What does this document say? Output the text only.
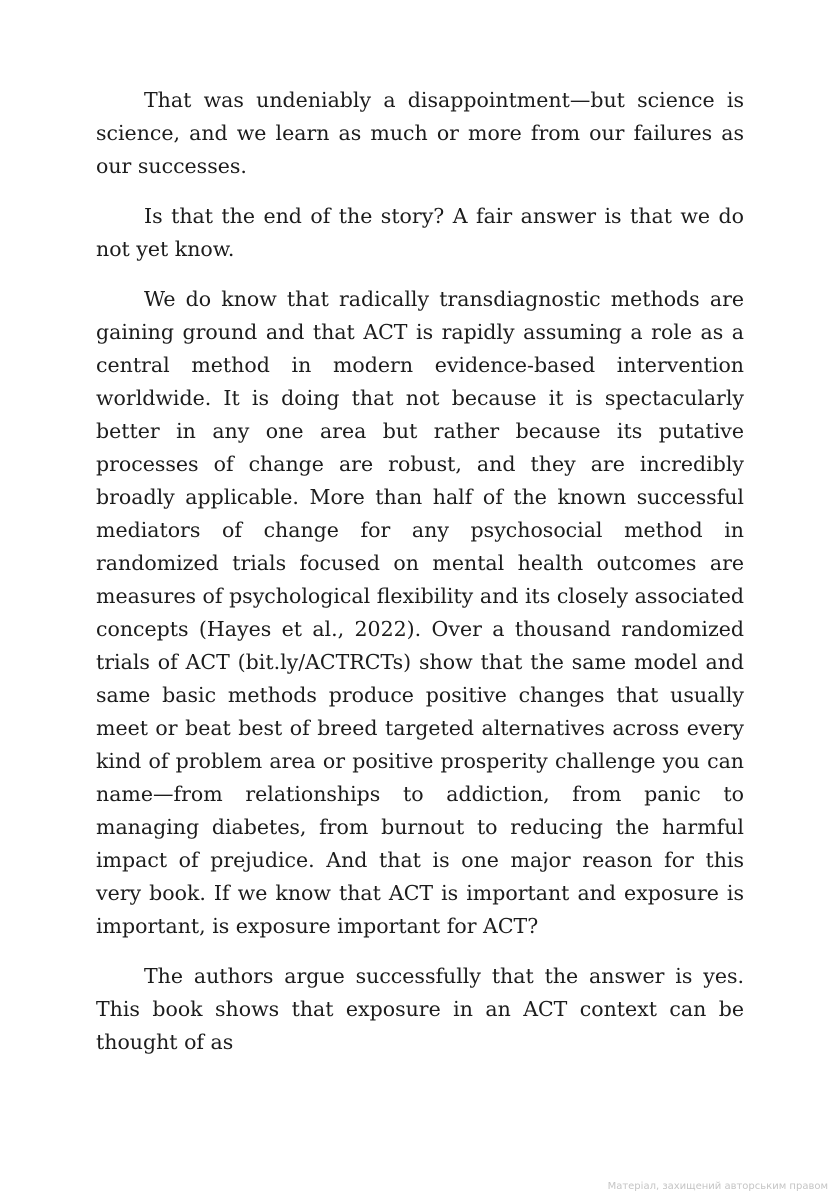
That was undeniably a disappointment—but science is science, and we learn as much or more from our failures as our successes.

Is that the end of the story? A fair answer is that we do not yet know.

We do know that radically transdiagnostic methods are gaining ground and that ACT is rapidly assuming a role as a central method in modern evidence-based intervention worldwide. It is doing that not because it is spectacularly better in any one area but rather because its putative processes of change are robust, and they are incredibly broadly applicable. More than half of the known successful mediators of change for any psychosocial method in randomized trials focused on mental health outcomes are measures of psychological flexibility and its closely associated concepts (Hayes et al., 2022). Over a thousand randomized trials of ACT (bit.ly/ACTRCTs) show that the same model and same basic methods produce positive changes that usually meet or beat best of breed targeted alternatives across every kind of problem area or positive prosperity challenge you can name—from relationships to addiction, from panic to managing diabetes, from burnout to reducing the harmful impact of prejudice. And that is one major reason for this very book. If we know that ACT is important and exposure is important, is exposure important for ACT?

The authors argue successfully that the answer is yes. This book shows that exposure in an ACT context can be thought of as

Матеріал, захищений авторським правом
